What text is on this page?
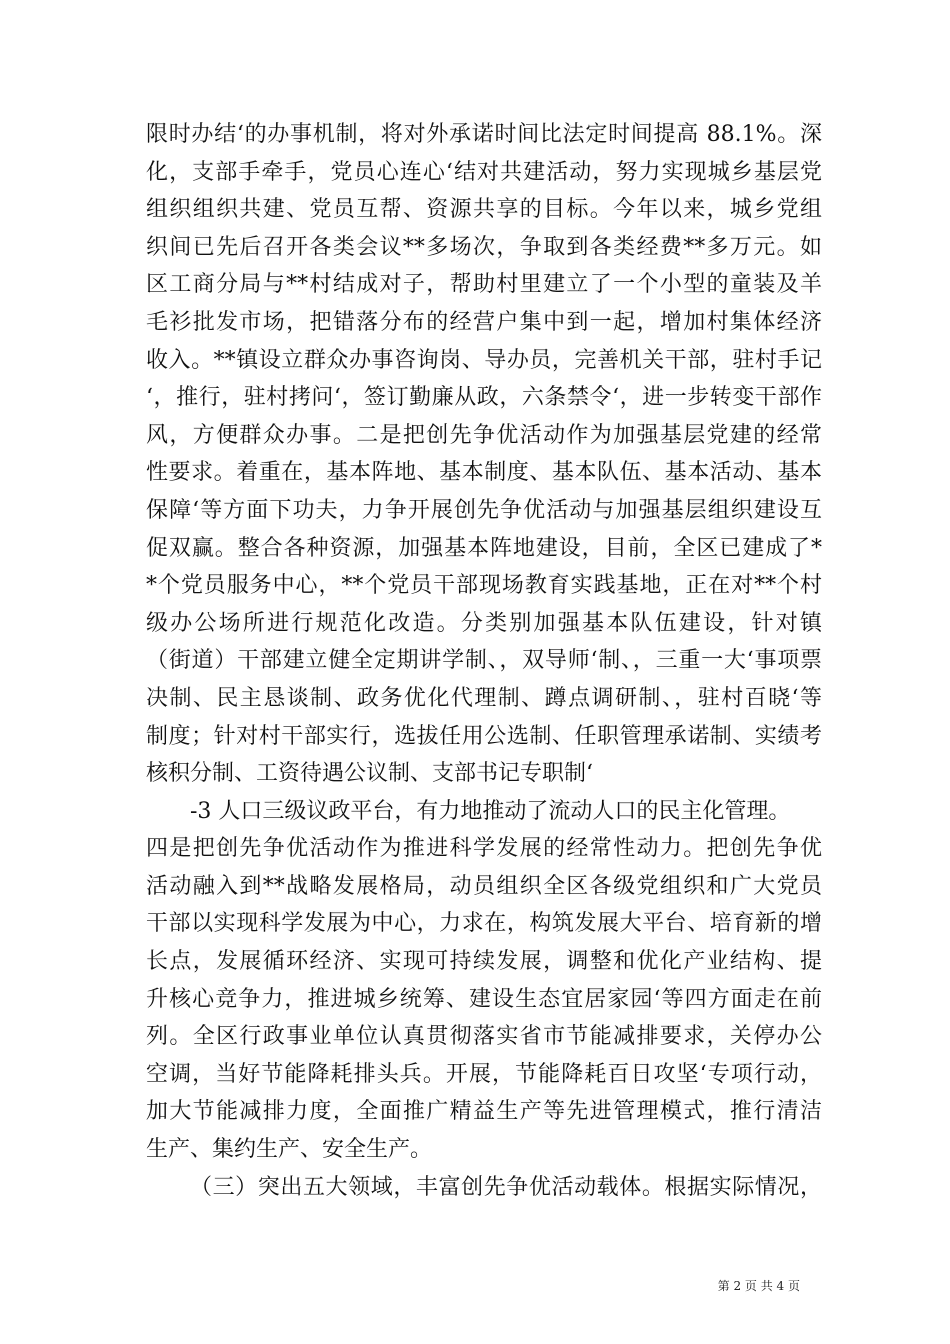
限时办结‘的办事机制，将对外承诺时间比法定时间提高 88.1%。深
化，支部手牵手，党员心连心‘结对共建活动，努力实现城乡基层党
组织组织共建、党员互帮、资源共享的目标。今年以来，城乡党组
织间已先后召开各类会议**多场次，争取到各类经费**多万元。如
区工商分局与**村结成对子，帮助村里建立了一个小型的童装及羊
毛衫批发市场，把错落分布的经营户集中到一起，增加村集体经济
收入。**镇设立群众办事咨询岗、导办员，完善机关干部，驻村手记
‘，推行，驻村拷问‘，签订勤廉从政，六条禁令‘，进一步转变干部作
风，方便群众办事。二是把创先争优活动作为加强基层党建的经常
性要求。着重在，基本阵地、基本制度、基本队伍、基本活动、基本
保障‘等方面下功夫，力争开展创先争优活动与加强基层组织建设互
促双赢。整合各种资源，加强基本阵地建设，目前，全区已建成了*
*个党员服务中心，**个党员干部现场教育实践基地，正在对**个村
级办公场所进行规范化改造。分类别加强基本队伍建设，针对镇
（街道）干部建立健全定期讲学制、，双导师‘制、，三重一大‘事项票
决制、民主恳谈制、政务优化代理制、蹲点调研制、，驻村百晓‘等
制度；针对村干部实行，选拔任用公选制、任职管理承诺制、实绩考
核积分制、工资待遇公议制、支部书记专职制‘
-3 人口三级议政平台，有力地推动了流动人口的民主化管理。
四是把创先争优活动作为推进科学发展的经常性动力。把创先争优
活动融入到**战略发展格局，动员组织全区各级党组织和广大党员
干部以实现科学发展为中心，力求在，构筑发展大平台、培育新的增
长点，发展循环经济、实现可持续发展，调整和优化产业结构、提
升核心竞争力，推进城乡统筹、建设生态宜居家园‘等四方面走在前
列。全区行政事业单位认真贯彻落实省市节能减排要求，关停办公
空调，当好节能降耗排头兵。开展，节能降耗百日攻坚‘专项行动，
加大节能减排力度，全面推广精益生产等先进管理模式，推行清洁
生产、集约生产、安全生产。
（三）突出五大领域，丰富创先争优活动载体。根据实际情况，
第 2 页 共 4 页
